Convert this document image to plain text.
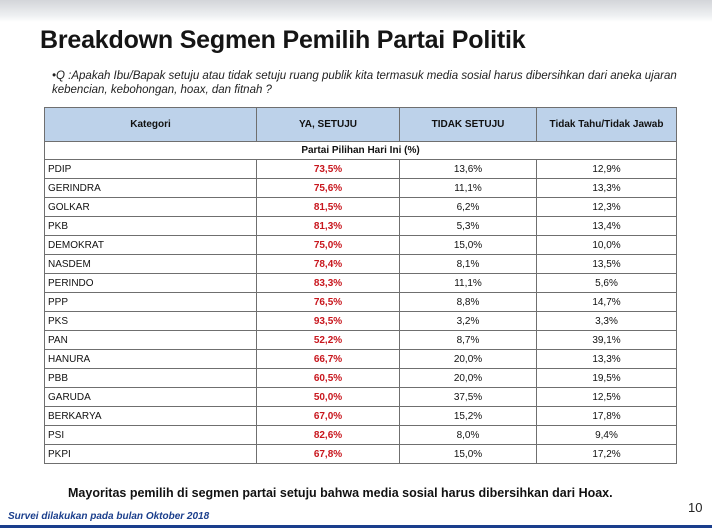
Breakdown Segmen Pemilih Partai Politik
•Q :Apakah Ibu/Bapak setuju atau tidak setuju ruang publik kita termasuk media sosial harus dibersihkan dari aneka ujaran kebencian, kebohongan, hoax, dan fitnah ?
Kategori	YA, SETUJU	TIDAK SETUJU	Tidak Tahu/Tidak Jawab
Partai Pilihan Hari Ini (%)			
PDIP	73,5%	13,6%	12,9%
GERINDRA	75,6%	11,1%	13,3%
GOLKAR	81,5%	6,2%	12,3%
PKB	81,3%	5,3%	13,4%
DEMOKRAT	75,0%	15,0%	10,0%
NASDEM	78,4%	8,1%	13,5%
PERINDO	83,3%	11,1%	5,6%
PPP	76,5%	8,8%	14,7%
PKS	93,5%	3,2%	3,3%
PAN	52,2%	8,7%	39,1%
HANURA	66,7%	20,0%	13,3%
PBB	60,5%	20,0%	19,5%
GARUDA	50,0%	37,5%	12,5%
BERKARYA	67,0%	15,2%	17,8%
PSI	82,6%	8,0%	9,4%
PKPI	67,8%	15,0%	17,2%
Mayoritas pemilih di segmen partai setuju bahwa media sosial harus dibersihkan dari Hoax.
10
Survei dilakukan pada bulan Oktober 2018
